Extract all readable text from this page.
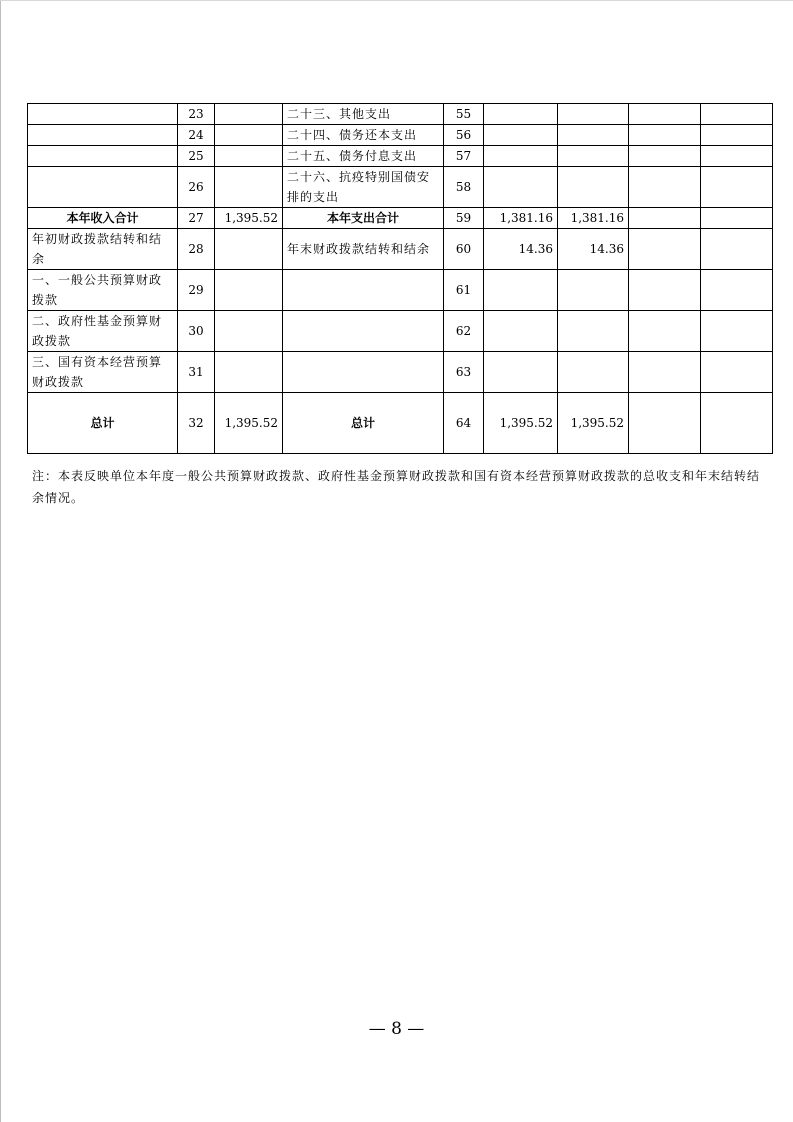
	23		二十三、其他支出	55				
	24		二十四、债务还本支出	56				
	25		二十五、债务付息支出	57				
	26		二十六、抗疫特别国债安排的支出	58				
本年收入合计	27	1,395.52	本年支出合计	59	1,381.16	1,381.16		
年初财政拨款结转和结余	28		年末财政拨款结转和结余	60	14.36	14.36		
一、一般公共预算财政拨款	29			61				
二、政府性基金预算财政拨款	30			62				
三、国有资本经营预算财政拨款	31			63				
总计	32	1,395.52	总计	64	1,395.52	1,395.52		
注：本表反映单位本年度一般公共预算财政拨款、政府性基金预算财政拨款和国有资本经营预算财政拨款的总收支和年末结转结余情况。
— 8 —
